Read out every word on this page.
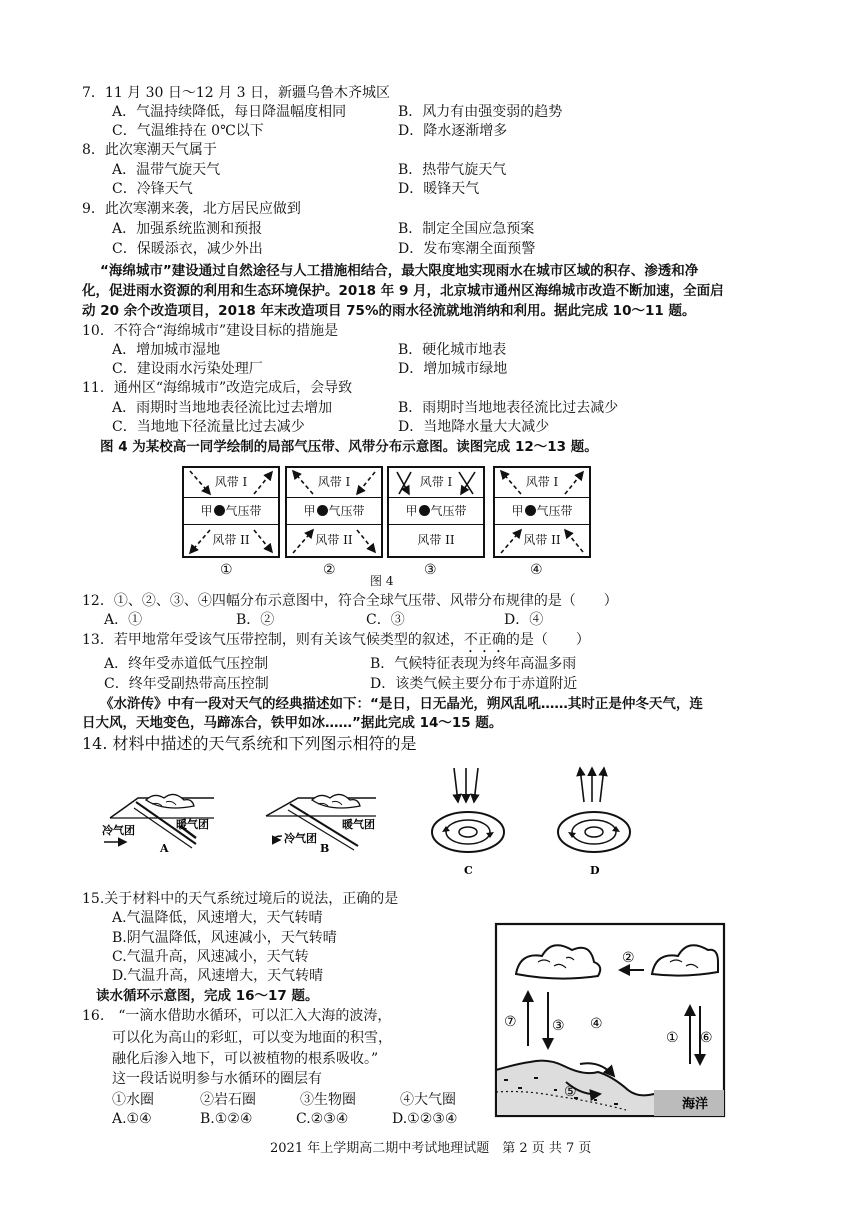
7．11 月 30 日～12 月 3 日，新疆乌鲁木齐城区
A．气温持续降低，每日降温幅度相同	B．风力有由强变弱的趋势
C．气温维持在 0℃以下	D．降水逐渐增多
8．此次寒潮天气属于
A．温带气旋天气	B．热带气旋天气
C．冷锋天气	D．暖锋天气
9．此次寒潮来袭，北方居民应做到
A．加强系统监测和预报	B．制定全国应急预案
C．保暖添衣，减少外出	D．发布寒潮全面预警
“海绵城市”建设通过自然途径与人工措施相结合，最大限度地实现雨水在城市区域的积存、渗透和净
化，促进雨水资源的利用和生态环境保护。2018 年 9 月，北京城市通州区海绵城市改造不断加速，全面启
动 20 余个改造项目，2018 年末改造项目 75%的雨水径流就地消纳和利用。据此完成 10～11 题。
10．不符合“海绵城市”建设目标的措施是
A．增加城市湿地	B．硬化城市地表
C．建设雨水污染处理厂	D．增加城市绿地
11．通州区“海绵城市”改造完成后，会导致
A．雨期时当地地表径流比过去增加	B．雨期时当地地表径流比过去减少
C．当地地下径流量比过去减少	D．当地降水量大大减少
图 4 为某校高一同学绘制的局部气压带、风带分布示意图。读图完成 12～13 题。
风带 I
甲 气压带
风带 II
风带 I
甲 气压带
风带 II
风带 I
甲 气压带
风带 II
风带 I
甲 气压带
风带 II
①	②	③	④
图 4
12．①、②、③、④四幅分布示意图中，符合全球气压带、风带分布规律的是（　　）
A．①	B．②	C．③	D．④
13．若甲地常年受该气压带控制，则有关该气候类型的叙述，不正确的是（　　）
A．终年受赤道低气压控制	B．气候特征表现为终年高温多雨
C．终年受副热带高压控制	D．该类气候主要分布于赤道附近
《水浒传》中有一段对天气的经典描述如下：“是日，日无晶光，朔风乱吼……其时正是仲冬天气，连
日大风，天地变色，马蹄冻合，铁甲如冰……”据此完成 14～15 题。
14. 材料中描述的天气系统和下列图示相符的是
冷气团	暖气团
A
暖气团
冷气团
B
C	D
15.关于材料中的天气系统过境后的说法，正确的是
A.气温降低，风速增大，天气转晴
B.阴气温降低，风速减小，天气转晴
C.气温升高，风速减小，天气转
D.气温升高，风速增大，天气转晴
读水循环示意图，完成 16～17 题。
16.　“一滴水借助水循环，可以汇入大海的波涛，
可以化为高山的彩虹，可以变为地面的积雪，
融化后渗入地下，可以被植物的根系吸收。”
这一段话说明参与水循环的圈层有
①水圈	②岩石圈	③生物圈	④大气圈
A.①④	B.①②④	C.②③④	D.①②③④
②
⑦	③
① ⑥
海洋
④
⑤
2021 年上学期高二期中考试地理试题　第 2 页 共 7 页
